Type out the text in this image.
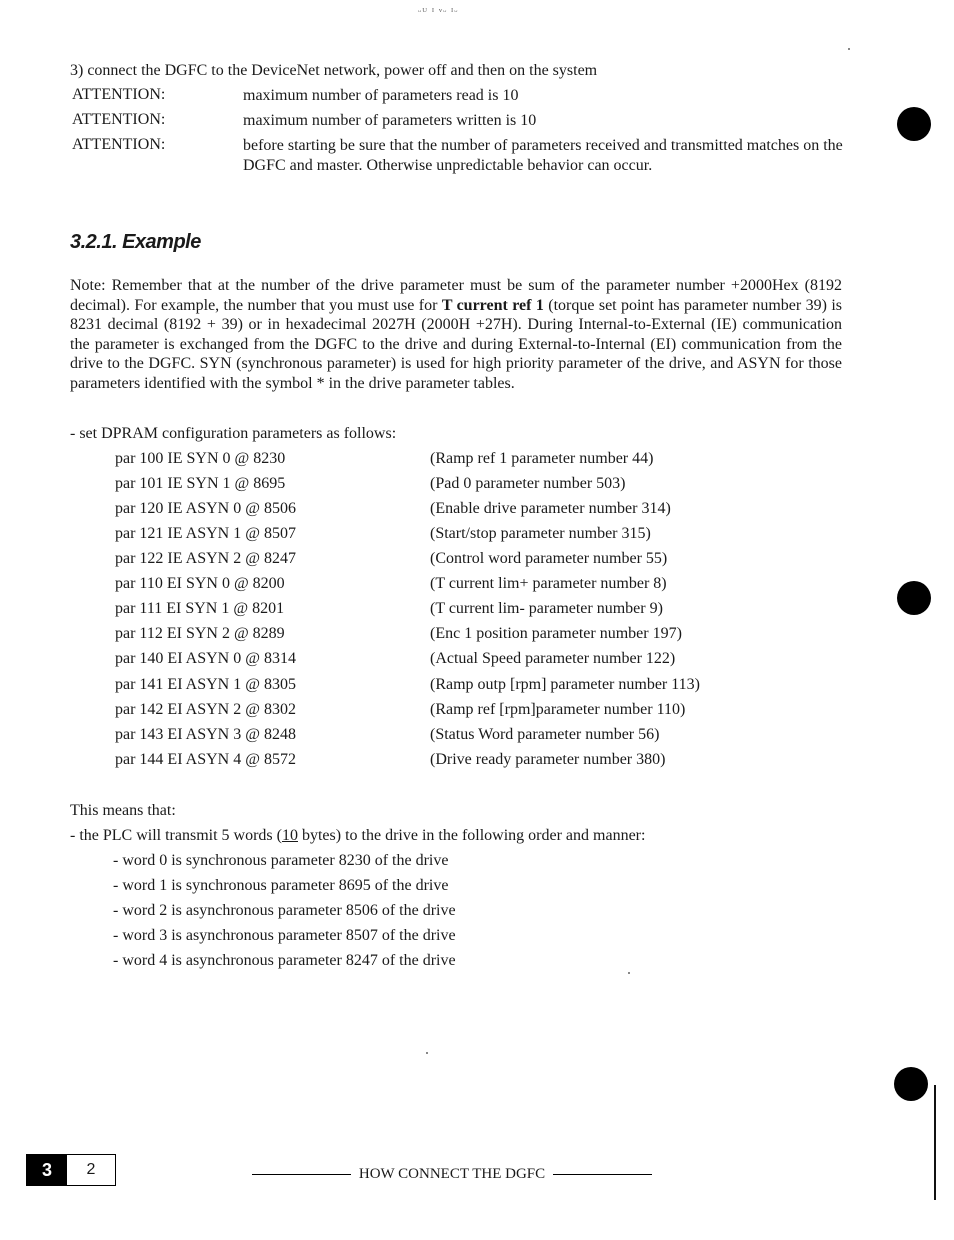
ᵕᵁ ᴵ ᵛᵕ ᴵᵕ
3) connect the DGFC to the DeviceNet network, power off and then on the system
ATTENTION:	maximum number of parameters read is 10
ATTENTION:	maximum number of parameters written is 10
ATTENTION:	before starting be sure that the number of parameters received and transmitted matches on the DGFC and master. Otherwise unpredictable behavior can occur.
3.2.1. Example
Note: Remember that at the number of the drive parameter must be sum of the parameter number +2000Hex (8192 decimal). For example, the number that you must use for T current ref 1 (torque set point has parameter number 39) is 8231 decimal (8192 + 39) or in hexadecimal 2027H (2000H +27H). During Internal-to-External (IE) communication the parameter is exchanged from the DGFC to the drive and during External-to-Internal (EI) communication from the drive to the DGFC. SYN (synchronous parameter) is used for high priority parameter of the drive, and ASYN for those parameters identified with the symbol * in the drive parameter tables.
- set DPRAM configuration parameters as follows:
par 100 IE SYN 0 @ 8230	(Ramp ref 1 parameter number 44)
par 101 IE SYN 1 @ 8695	(Pad 0 parameter number 503)
par 120 IE ASYN 0 @ 8506	(Enable drive parameter number 314)
par 121 IE ASYN 1 @ 8507	(Start/stop parameter number 315)
par 122 IE ASYN 2 @ 8247	(Control word parameter number 55)
par 110 EI SYN 0 @ 8200	(T current lim+ parameter number 8)
par 111 EI SYN 1 @ 8201	(T current lim- parameter number 9)
par 112 EI SYN 2 @ 8289	(Enc 1 position parameter number 197)
par 140 EI ASYN 0 @ 8314	(Actual Speed parameter number 122)
par 141 EI ASYN 1 @ 8305	(Ramp outp [rpm] parameter number 113)
par 142 EI ASYN 2 @ 8302	(Ramp ref [rpm]parameter number 110)
par 143 EI ASYN 3 @ 8248	(Status Word parameter number 56)
par 144 EI ASYN 4 @ 8572	(Drive ready parameter number 380)
This means that:
- the PLC will transmit 5 words (10 bytes) to the drive in the following order and manner:
- word 0 is synchronous parameter 8230 of the drive
- word 1 is synchronous parameter 8695 of the drive
- word 2 is asynchronous parameter 8506 of the drive
- word 3 is asynchronous parameter 8507 of the drive
- word 4 is asynchronous parameter 8247 of the drive
3	2	HOW CONNECT THE DGFC
